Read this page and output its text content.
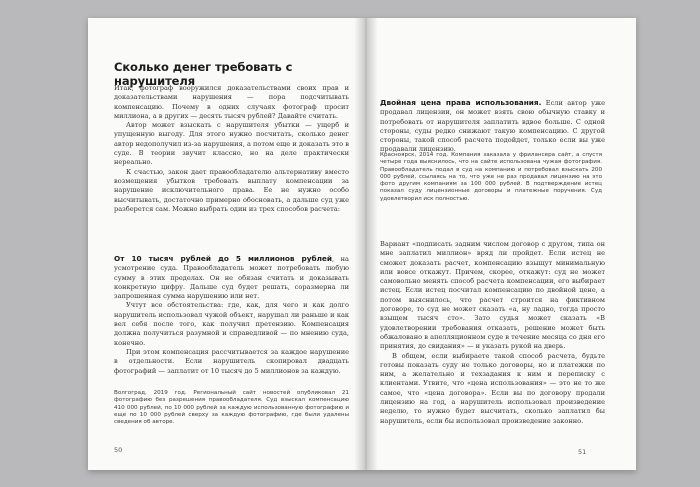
Сколько денег требовать с нарушителя

Итак, фотограф вооружился доказательствами своих прав и доказательствами нарушения — пора подсчитывать компенсацию. Почему в одних случаях фотограф просит миллиона, а в других — десять тысяч рублей? Давайте считать.

Автор может взыскать с нарушителя убытки — ущерб и упущенную выгоду. Для этого нужно посчитать, сколько денег автор недополучил из-за нарушения, а потом еще и доказать это в суде. В теории звучит классно, но на деле практически нереально.

К счастью, закон дает правообладателю альтернативу вместо возмещения убытков требовать выплату компенсации за нарушение исключительного права. Ее не нужно особо высчитывать, достаточно примерно обосновать, а дальше суд уже разберется сам. Можно выбрать один из трех способов расчета:

От 10 тысяч рублей до 5 миллионов рублей, на усмотрение суда. Правообладатель может потребовать любую сумму в этих пределах. Он не обязан считать и доказывать конкретную цифру. Дальше суд будет решать, соразмерна ли запрошенная сумма нарушению или нет.

Учтут все обстоятельства: где, как, для чего и как долго нарушитель использовал чужой объект, нарушал ли раньше и как вел себя после того, как получил претензию. Компенсация должна получиться разумной и справедливой — по мнению суда, конечно.

При этом компенсация рассчитывается за каждое нарушение в отдельности. Если нарушитель скопировал двадцать фотографий — заплатит от 10 тысяч до 5 миллионов за каждую.

Волгоград, 2019 год. Региональный сайт новостей опубликовал 21 фотографию без разрешения правообладателя. Суд взыскал компенсацию 410 000 рублей, по 10 000 рублей за каждую использованную фотографию и еще по 10 000 рублей сверху за каждую фотографию, где были удалены сведения об авторе.
50

Двойная цена права использования. Если автор уже продавал лицензии, он может взять свою обычную ставку и потребовать от нарушителя заплатить вдвое больше. С одной стороны, суды редко снижают такую компенсацию. С другой стороны, такой способ расчета подойдет, только если вы уже продавали лицензию.

Красноярск, 2014 год. Компания заказала у фрилансера сайт, а спустя четыре года выяснилось, что на сайте использована чужая фотография. Правообладатель подал в суд на компанию и потребовал взыскать 200 000 рублей, ссылаясь на то, что уже не раз продавал лицензию на это фото другим компаниям за 100 000 рублей. В подтверждение истец показал суду лицензионные договоры и платежные поручения. Суд удовлетворил иск полностью.

Вариант «подписать задним числом договор с другом, типа он мне заплатил миллион» вряд ли пройдет. Если истец не сможет доказать расчет, компенсацию взыщут минимальную или вовсе откажут. Причем, скорее, откажут: суд не может самовольно менять способ расчета компенсации, его выбирает истец. Если истец посчитал компенсацию по двойной цене, а потом выяснилось, что расчет строится на фиктивном договоре, то суд не может сказать «а, ну ладно, тогда просто взыщем тысяч сто». Зато судья может сказать «В удовлетворении требования отказать, решение может быть обжаловано в апелляционном суде в течение месяца со дня его принятия, до свидания» — и указать рукой на дверь.

В общем, если выбираете такой способ расчета, будьте готовы показать суду не только договоры, но и платежки по ним, а желательно и техзадания к ним и переписку с клиентами. Утвите, что «цена использования» — это не то же самое, что «цена договора». Если вы по договору продали лицензию на год, а нарушитель использовал произведение неделю, то нужно будет высчитать, сколько заплатил бы нарушитель, если бы использовал произведение законно.

51
